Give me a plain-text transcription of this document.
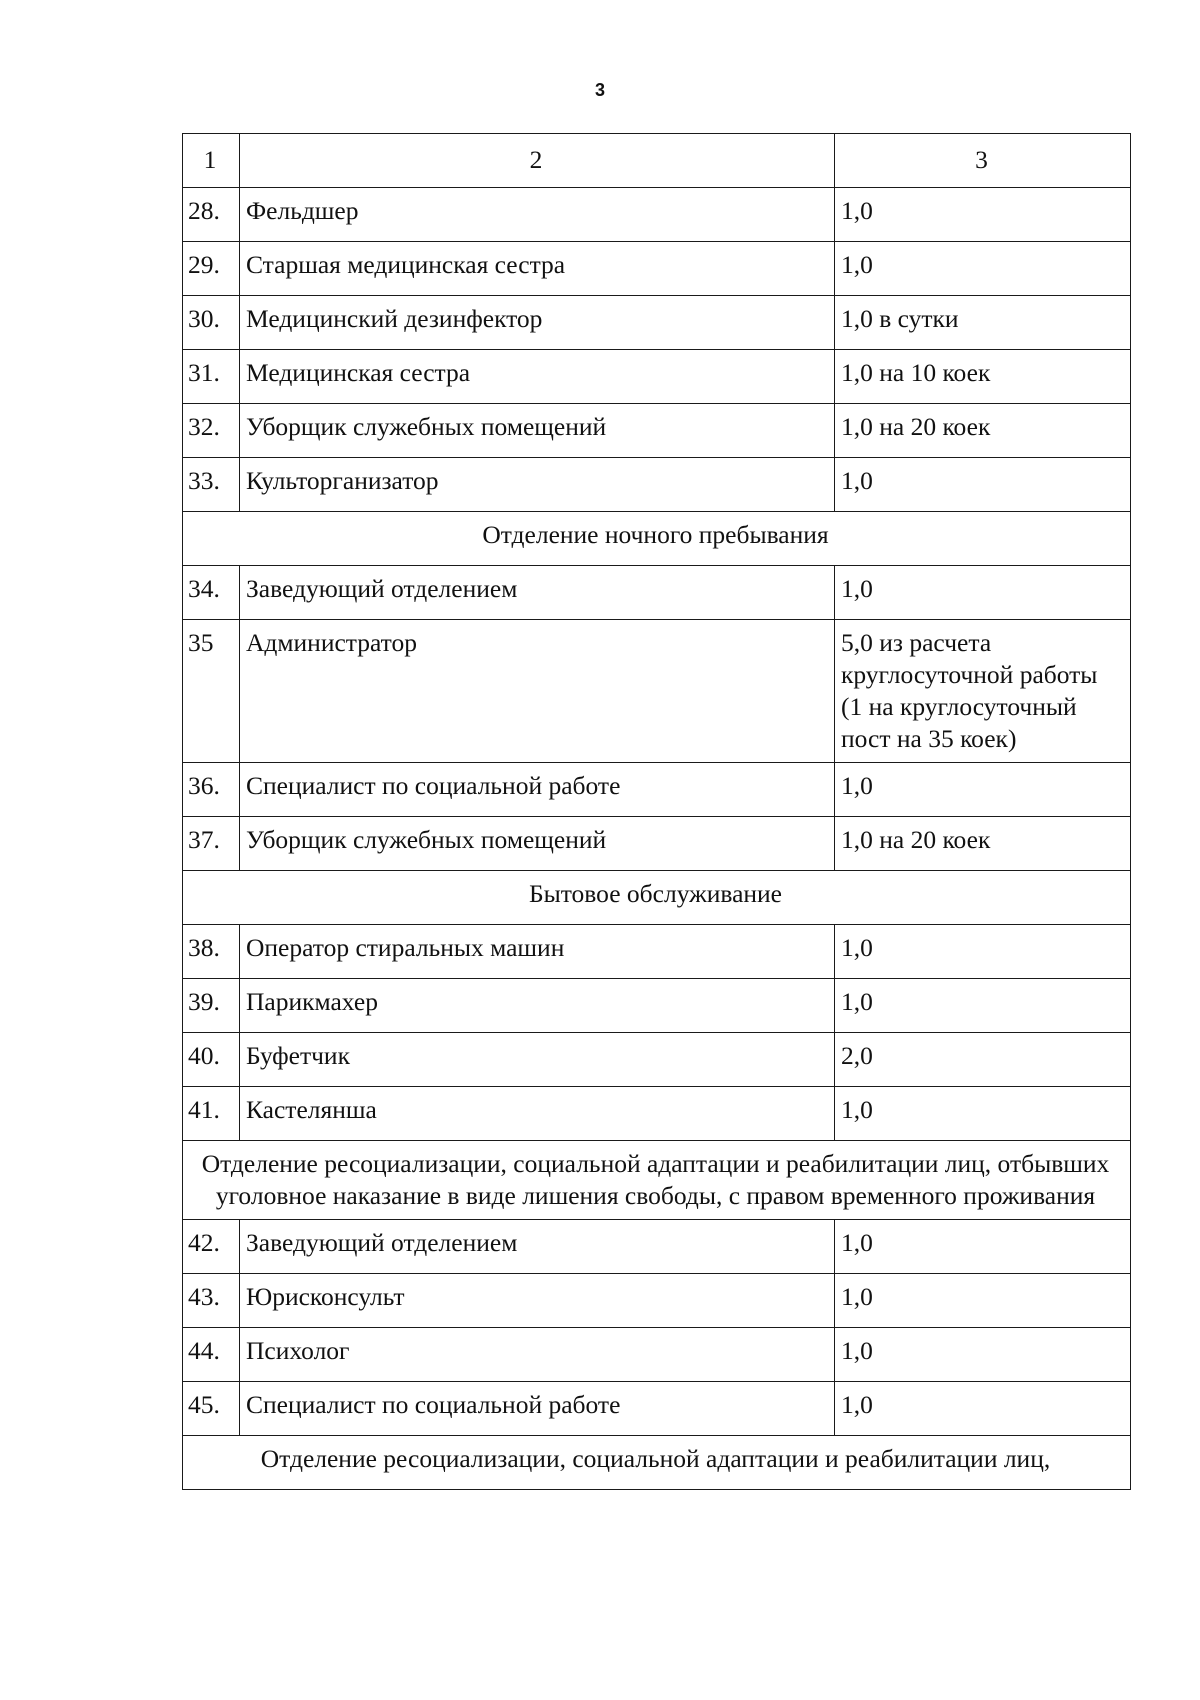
3
1	2	3
28.	Фельдшер	1,0
29.	Старшая медицинская сестра	1,0
30.	Медицинский дезинфектор	1,0 в сутки
31.	Медицинская сестра	1,0 на 10 коек
32.	Уборщик служебных помещений	1,0 на 20 коек
33.	Культорганизатор	1,0
Отделение ночного пребывания		
34.	Заведующий отделением	1,0
35	Администратор	5,0 из расчета круглосуточной работы (1 на круглосуточный пост на 35 коек)
36.	Специалист по социальной работе	1,0
37.	Уборщик служебных помещений	1,0 на 20 коек
Бытовое обслуживание		
38.	Оператор стиральных машин	1,0
39.	Парикмахер	1,0
40.	Буфетчик	2,0
41.	Кастелянша	1,0
Отделение ресоциализации, социальной адаптации и реабилитации лиц, отбывших уголовное наказание в виде лишения свободы, с правом временного проживания		
42.	Заведующий отделением	1,0
43.	Юрисконсульт	1,0
44.	Психолог	1,0
45.	Специалист по социальной работе	1,0
Отделение ресоциализации, социальной адаптации и реабилитации лиц,		
